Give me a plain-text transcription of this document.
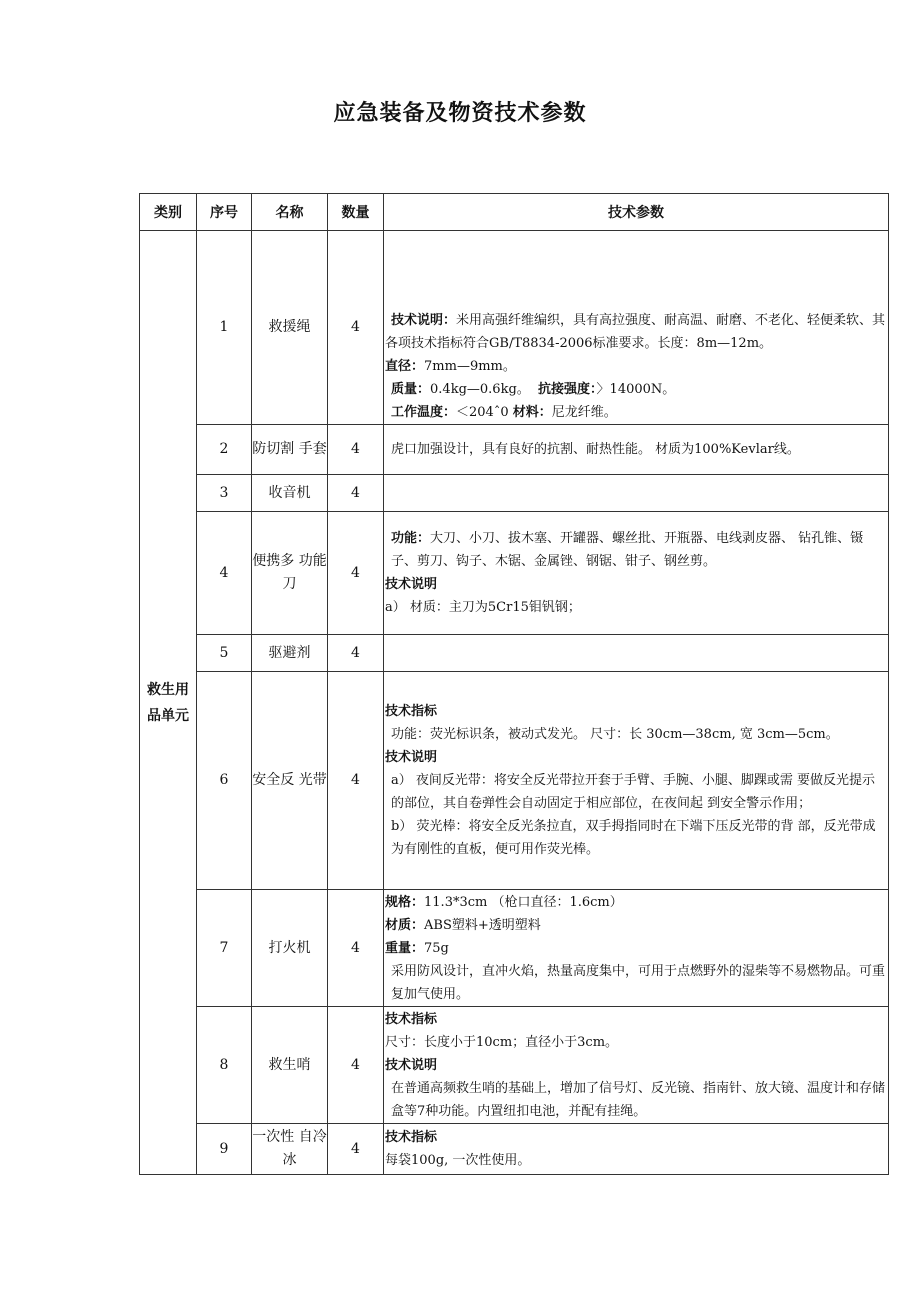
应急装备及物资技术参数
类别	序号	名称	数量	技术参数
救生用品单元	1	救援绳	4	技术说明：米用高强纤维编织，具有高拉强度、耐高温、耐磨、不老化、轻便柔软、其各项技术指标符合GB/T8834-2006标准要求。长度：8m—12m。
直径：7mm—9mm。
质量：0.4kg—0.6kg。 抗接强度：〉14000N。
工作温度：＜204ˆ0 材料：尼龙纤维。

	2	防切割 手套	4	虎口加强设计，具有良好的抗割、耐热性能。 材质为100%Kevlar线。

	3	收音机	4	
	4	便携多 功能刀	4	功能：大刀、小刀、拔木塞、开罐器、螺丝批、开瓶器、电线剥皮器、 钻孔锥、镊子、剪刀、钩子、木锯、金属锉、钢锯、钳子、钢丝剪。
技术说明
a） 材质：主刀为5Cr15钼钒钢；

	5	驱避剂	4	
	6	安全反 光带	4	技术指标
功能：荧光标识条，被动式发光。 尺寸：长 30cm—38cm, 宽 3cm—5cm。
技术说明
a） 夜间反光带：将安全反光带拉开套于手臂、手腕、小腿、脚踝或需 要做反光提示的部位，其自卷弹性会自动固定于相应部位，在夜间起 到安全警示作用；
b） 荧光棒：将安全反光条拉直，双手拇指同时在下端下压反光带的背 部，反光带成为有刚性的直板，便可用作荧光棒。

	7	打火机	4	规格：11.3*3cm （枪口直径：1.6cm）
材质：ABS塑料+透明塑料
重量：75g
采用防风设计，直冲火焰，热量高度集中，可用于点燃野外的湿柴等不易燃物品。可重复加气使用。

	8	救生哨	4	技术指标
尺寸：长度小于10cm；直径小于3cm。
技术说明
在普通高频救生哨的基础上，增加了信号灯、反光镜、指南针、放大镜、温度计和存储盒等7种功能。内置纽扣电池，并配有挂绳。

	9	一次性 自冷冰	4	技术指标
每袋100g, 一次性使用。
